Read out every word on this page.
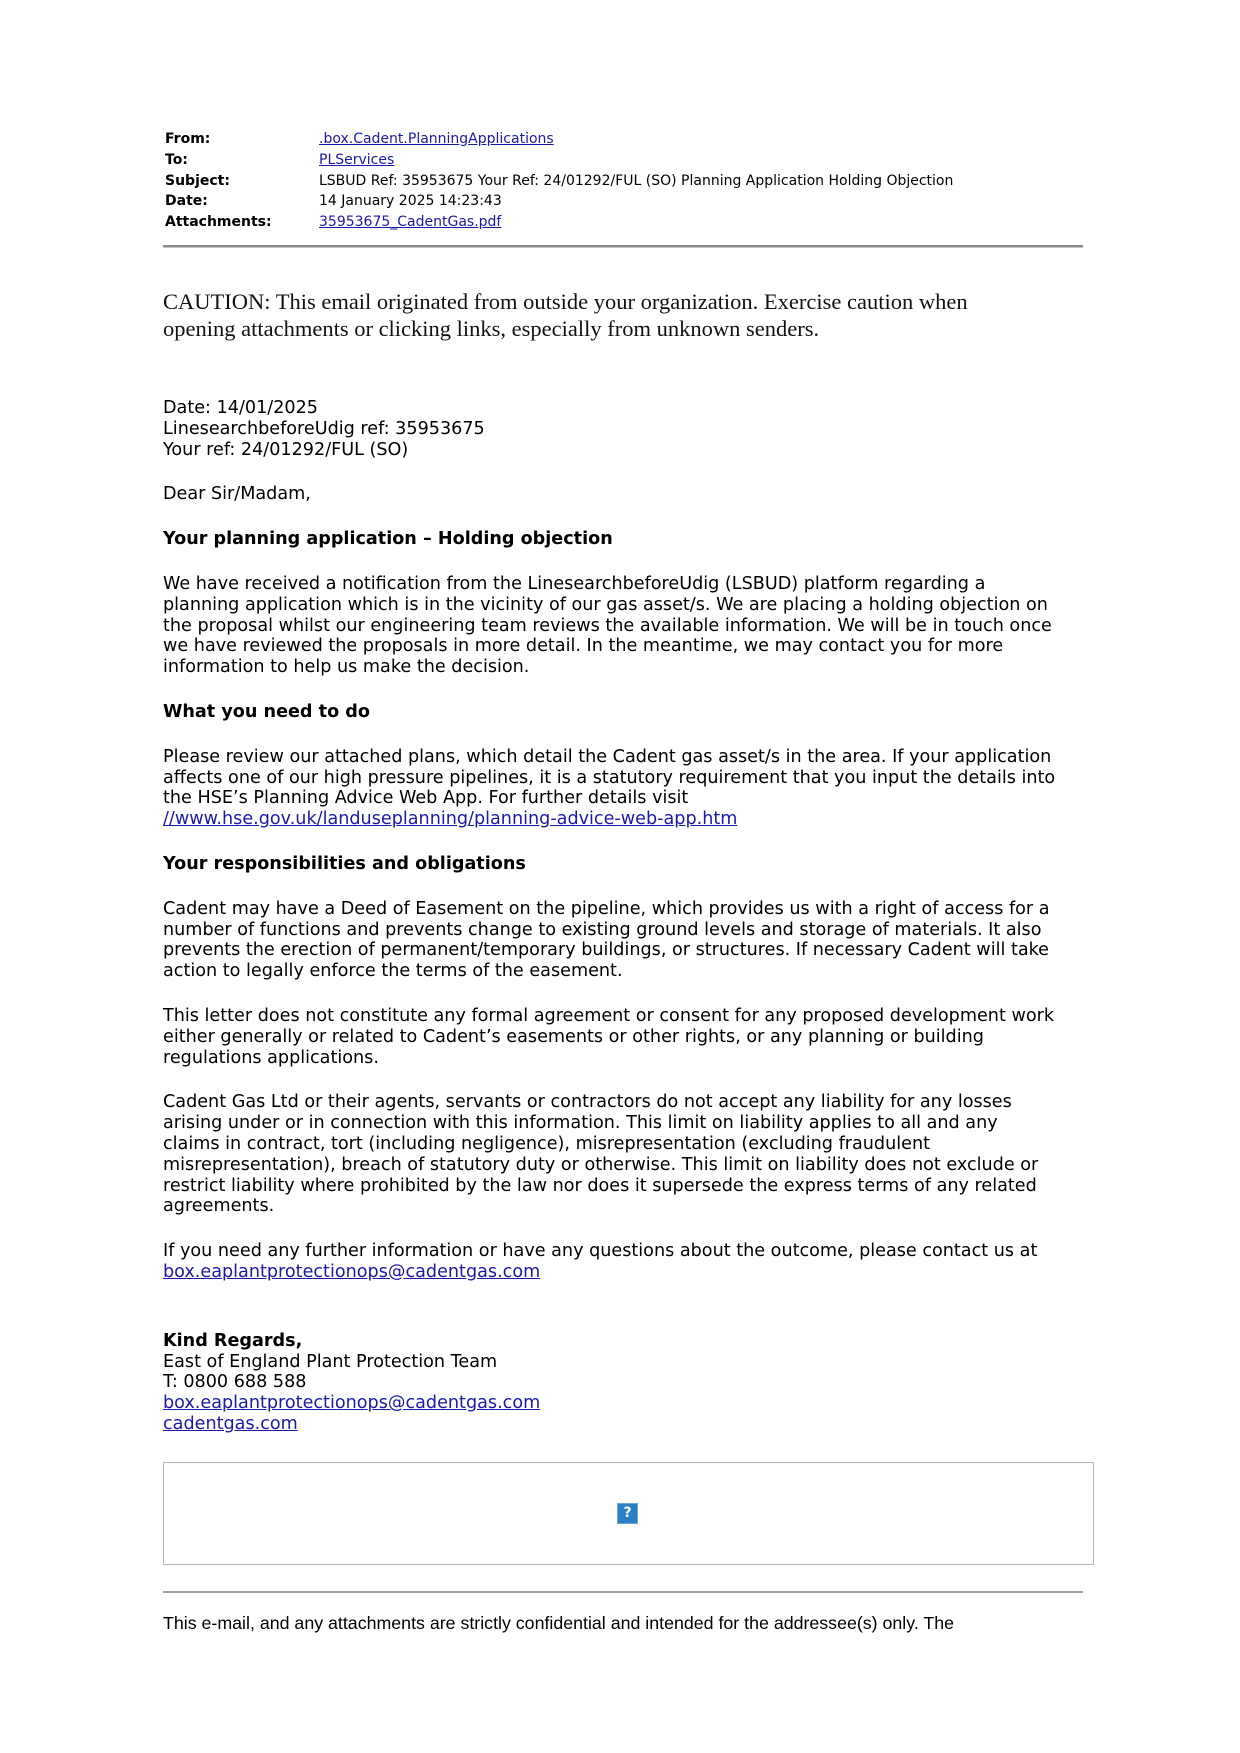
From:	.box.Cadent.PlanningApplications
To:	PLServices
Subject:	LSBUD Ref: 35953675 Your Ref: 24/01292/FUL (SO) Planning Application Holding Objection
Date:	14 January 2025 14:23:43
Attachments:	35953675_CadentGas.pdf
CAUTION: This email originated from outside your organization. Exercise caution when
opening attachments or clicking links, especially from unknown senders.

Date: 14/01/2025

LinesearchbeforeUdig ref: 35953675

Your ref: 24/01292/FUL (SO)

Dear Sir/Madam,

Your planning application – Holding objection

We have received a notification from the LinesearchbeforeUdig (LSBUD) platform regarding a

planning application which is in the vicinity of our gas asset/s. We are placing a holding objection on

the proposal whilst our engineering team reviews the available information. We will be in touch once

we have reviewed the proposals in more detail. In the meantime, we may contact you for more

information to help us make the decision.

What you need to do

Please review our attached plans, which detail the Cadent gas asset/s in the area. If your application

affects one of our high pressure pipelines, it is a statutory requirement that you input the details into

the HSE’s Planning Advice Web App. For further details visit

//www.hse.gov.uk/landuseplanning/planning-advice-web-app.htm

Your responsibilities and obligations

Cadent may have a Deed of Easement on the pipeline, which provides us with a right of access for a

number of functions and prevents change to existing ground levels and storage of materials. It also

prevents the erection of permanent/temporary buildings, or structures. If necessary Cadent will take

action to legally enforce the terms of the easement.

This letter does not constitute any formal agreement or consent for any proposed development work

either generally or related to Cadent’s easements or other rights, or any planning or building

regulations applications.

Cadent Gas Ltd or their agents, servants or contractors do not accept any liability for any losses

arising under or in connection with this information. This limit on liability applies to all and any

claims in contract, tort (including negligence), misrepresentation (excluding fraudulent

misrepresentation), breach of statutory duty or otherwise. This limit on liability does not exclude or

restrict liability where prohibited by the law nor does it supersede the express terms of any related

agreements.

If you need any further information or have any questions about the outcome, please contact us at

box.eaplantprotectionops@cadentgas.com

Kind Regards,

East of England Plant Protection Team

T: 0800 688 588

box.eaplantprotectionops@cadentgas.com

cadentgas.com

?
This e-mail, and any attachments are strictly confidential and intended for the addressee(s) only. The
